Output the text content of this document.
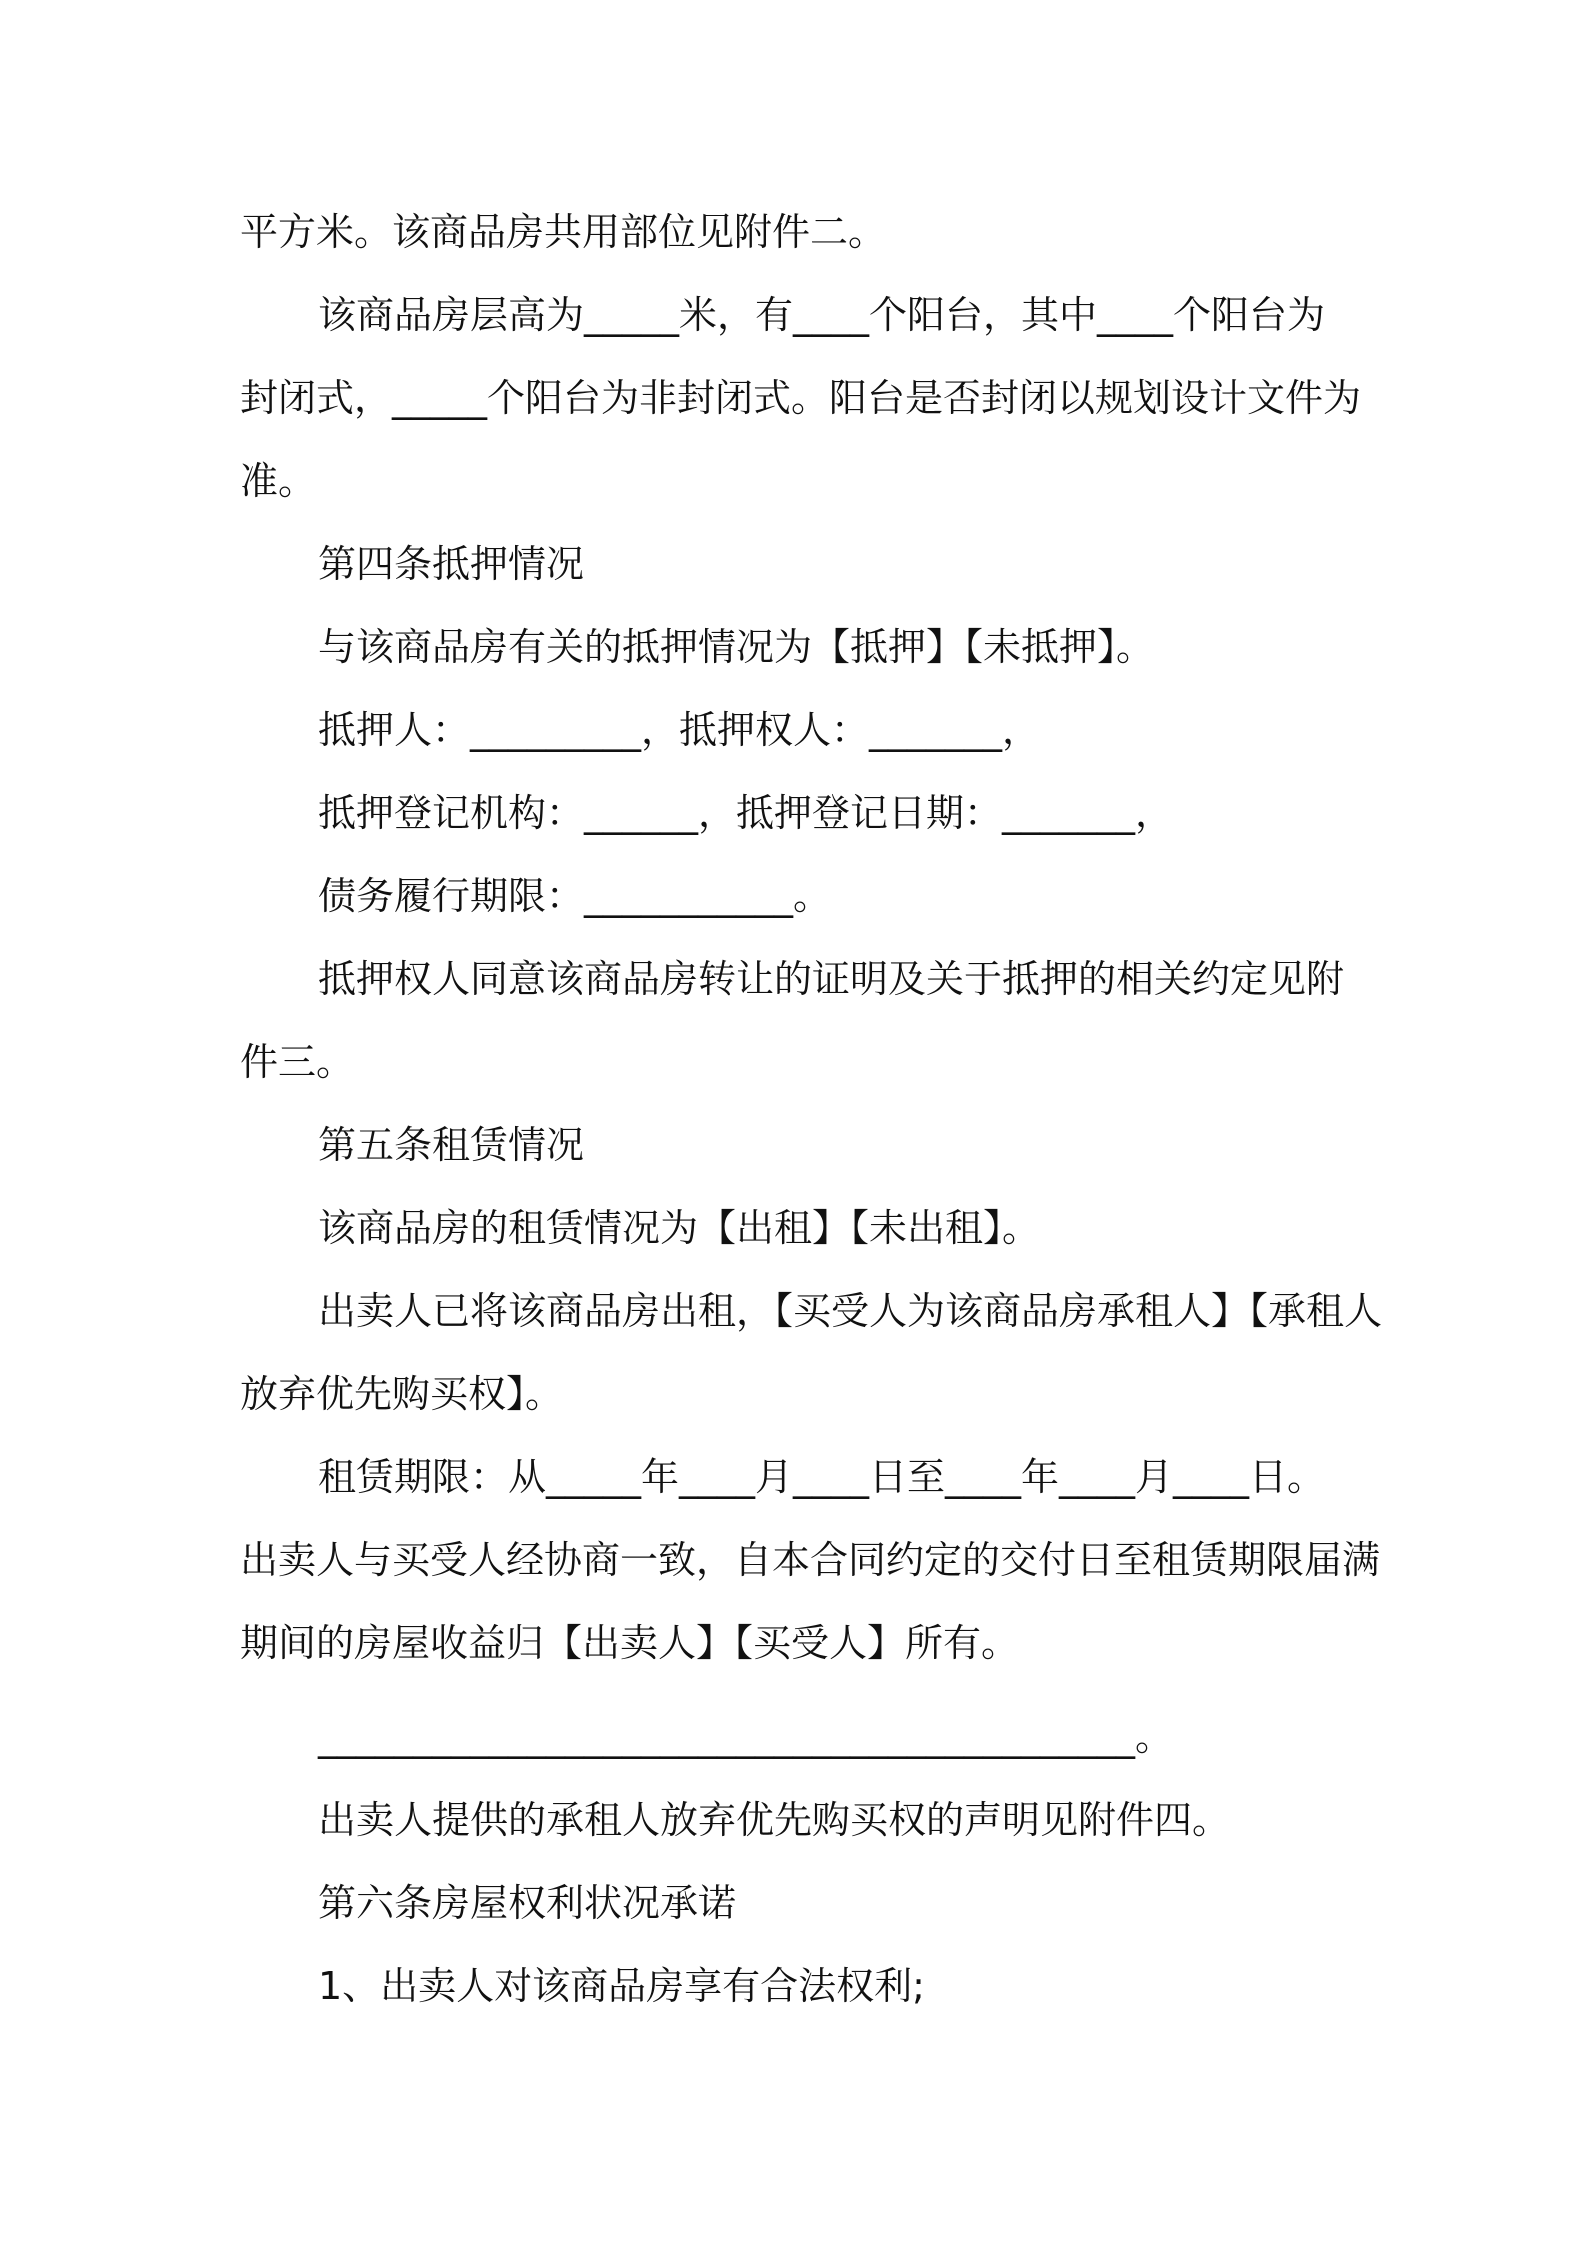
平方米。该商品房共用部位见附件二。
该商品房层高为_____米，有____个阳台，其中____个阳台为
封闭式，_____个阳台为非封闭式。阳台是否封闭以规划设计文件为
准。
第四条抵押情况
与该商品房有关的抵押情况为【抵押】【未抵押】。
抵押人：_________，抵押权人：_______，
抵押登记机构：______，抵押登记日期：_______，
债务履行期限：___________。
抵押权人同意该商品房转让的证明及关于抵押的相关约定见附
件三。
第五条租赁情况
该商品房的租赁情况为【出租】【未出租】。
出卖人已将该商品房出租，【买受人为该商品房承租人】【承租人
放弃优先购买权】。
租赁期限：从_____年____月____日至____年____月____日。
出卖人与买受人经协商一致，自本合同约定的交付日至租赁期限届满
期间的房屋收益归【出卖人】【买受人】所有。
___________________________________________。
出卖人提供的承租人放弃优先购买权的声明见附件四。
第六条房屋权利状况承诺
1、出卖人对该商品房享有合法权利;
